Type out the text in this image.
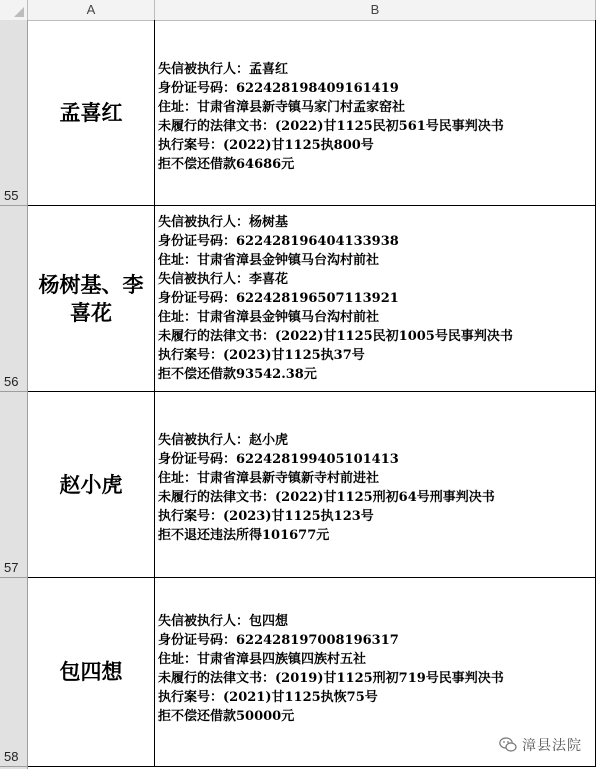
A	B
55
56
57
58
孟喜红
失信被执行人：孟喜红
身份证号码：622428198409161419
住址：甘肃省漳县新寺镇马家门村孟家窑社
未履行的法律文书：(2022)甘1125民初561号民事判决书
执行案号：(2022)甘1125执800号
拒不偿还借款64686元
杨树基、李喜花
失信被执行人：杨树基
身份证号码：622428196404133938
住址：甘肃省漳县金钟镇马台沟村前社
失信被执行人：李喜花
身份证号码：622428196507113921
住址：甘肃省漳县金钟镇马台沟村前社
未履行的法律文书：(2022)甘1125民初1005号民事判决书
执行案号：(2023)甘1125执37号
拒不偿还借款93542.38元
赵小虎
失信被执行人：赵小虎
身份证号码：622428199405101413
住址：甘肃省漳县新寺镇新寺村前进社
未履行的法律文书：(2022)甘1125刑初64号刑事判决书
执行案号：(2023)甘1125执123号
拒不退还违法所得101677元
包四想
失信被执行人：包四想
身份证号码：622428197008196317
住址：甘肃省漳县四族镇四族村五社
未履行的法律文书：(2019)甘1125刑初719号民事判决书
执行案号：(2021)甘1125执恢75号
拒不偿还借款50000元
漳县法院
